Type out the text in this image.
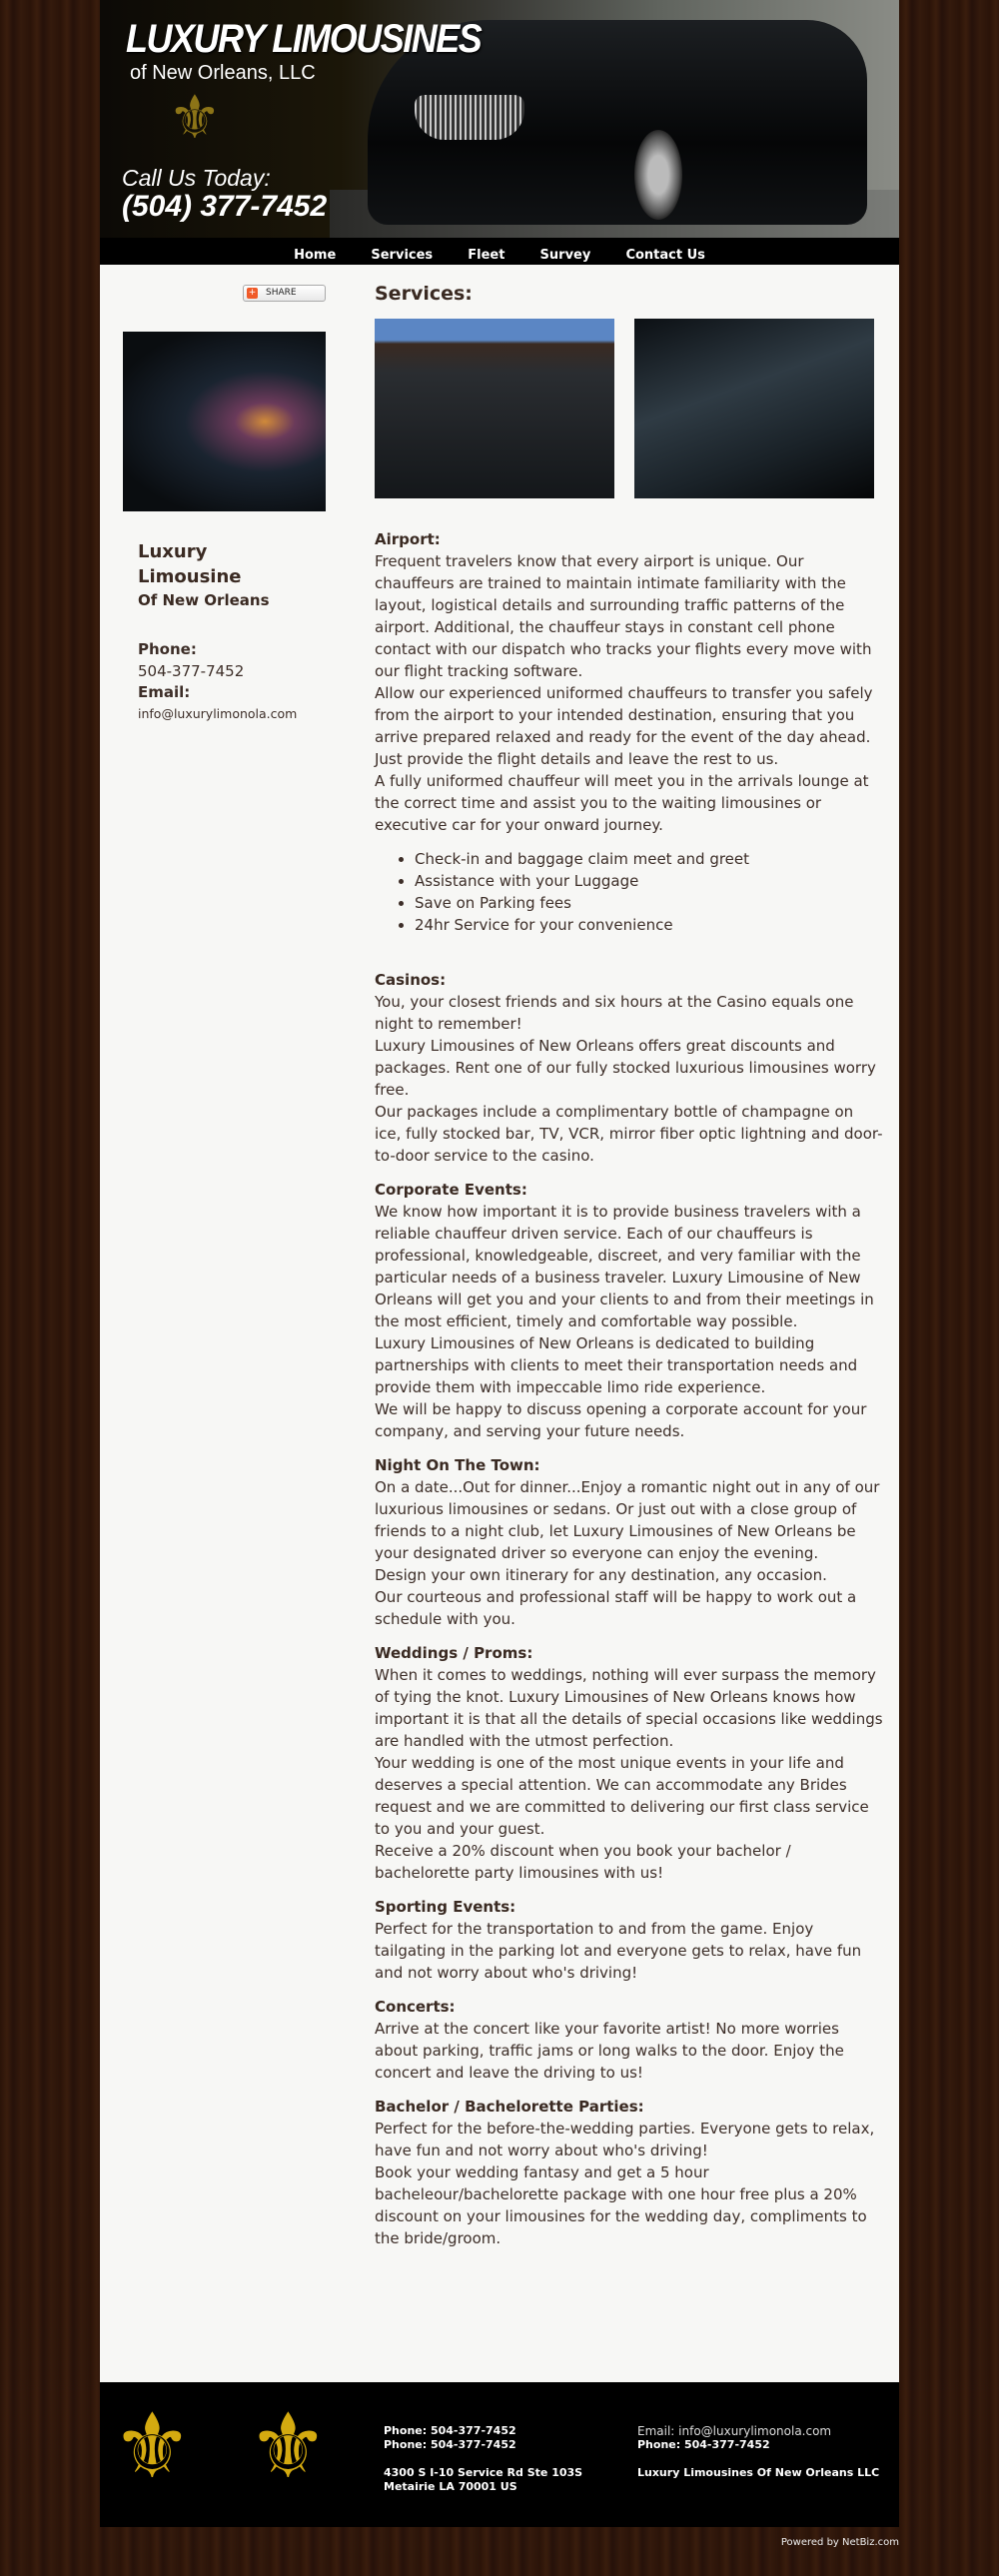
LUXURY LIMOUSINES
of New Orleans, LLC
⚜
Call Us Today:
(504) 377-7452
Home	Services	Fleet	Survey	Contact Us
+ SHARE
Luxury
Limousine
Of New Orleans
Phone:
504-377-7452
Email:
info@luxurylimonola.com
Services:
Airport:
Frequent travelers know that every airport is unique. Our chauffeurs are trained to maintain intimate familiarity with the layout, logistical details and surrounding traffic patterns of the airport. Additional, the chauffeur stays in constant cell phone contact with our dispatch who tracks your flights every move with our flight tracking software.
Allow our experienced uniformed chauffeurs to transfer you safely from the airport to your intended destination, ensuring that you arrive prepared relaxed and ready for the event of the day ahead. Just provide the flight details and leave the rest to us.
A fully uniformed chauffeur will meet you in the arrivals lounge at the correct time and assist you to the waiting limousines or executive car for your onward journey.
• Check-in and baggage claim meet and greet
• Assistance with your Luggage
• Save on Parking fees
• 24hr Service for your convenience
Casinos:
You, your closest friends and six hours at the Casino equals one night to remember!
Luxury Limousines of New Orleans offers great discounts and packages. Rent one of our fully stocked luxurious limousines worry free.
Our packages include a complimentary bottle of champagne on ice, fully stocked bar, TV, VCR, mirror fiber optic lightning and door-to-door service to the casino.
Corporate Events:
We know how important it is to provide business travelers with a reliable chauffeur driven service. Each of our chauffeurs is professional, knowledgeable, discreet, and very familiar with the particular needs of a business traveler. Luxury Limousine of New Orleans will get you and your clients to and from their meetings in the most efficient, timely and comfortable way possible.
Luxury Limousines of New Orleans is dedicated to building partnerships with clients to meet their transportation needs and provide them with impeccable limo ride experience.
We will be happy to discuss opening a corporate account for your company, and serving your future needs.
Night On The Town:
On a date...Out for dinner...Enjoy a romantic night out in any of our luxurious limousines or sedans. Or just out with a close group of friends to a night club, let Luxury Limousines of New Orleans be your designated driver so everyone can enjoy the evening.
Design your own itinerary for any destination, any occasion.
Our courteous and professional staff will be happy to work out a schedule with you.
Weddings / Proms:
When it comes to weddings, nothing will ever surpass the memory of tying the knot. Luxury Limousines of New Orleans knows how important it is that all the details of special occasions like weddings are handled with the utmost perfection.
Your wedding is one of the most unique events in your life and deserves a special attention. We can accommodate any Brides request and we are committed to delivering our first class service to you and your guest.
Receive a 20% discount when you book your bachelor / bachelorette party limousines with us!
Sporting Events:
Perfect for the transportation to and from the game. Enjoy tailgating in the parking lot and everyone gets to relax, have fun and not worry about who's driving!
Concerts:
Arrive at the concert like your favorite artist! No more worries about parking, traffic jams or long walks to the door. Enjoy the concert and leave the driving to us!
Bachelor / Bachelorette Parties:
Perfect for the before-the-wedding parties. Everyone gets to relax, have fun and not worry about who's driving!
Book your wedding fantasy and get a 5 hour bacheleour/bachelorette package with one hour free plus a 20% discount on your limousines for the wedding day, compliments to the bride/groom.
⚜ ⚜	Phone: 504-377-7452
Phone: 504-377-7452
4300 S I-10 Service Rd Ste 103S
Metairie LA 70001 US
Email: info@luxurylimonola.com
Phone: 504-377-7452
Luxury Limousines Of New Orleans LLC
Powered by NetBiz.com
